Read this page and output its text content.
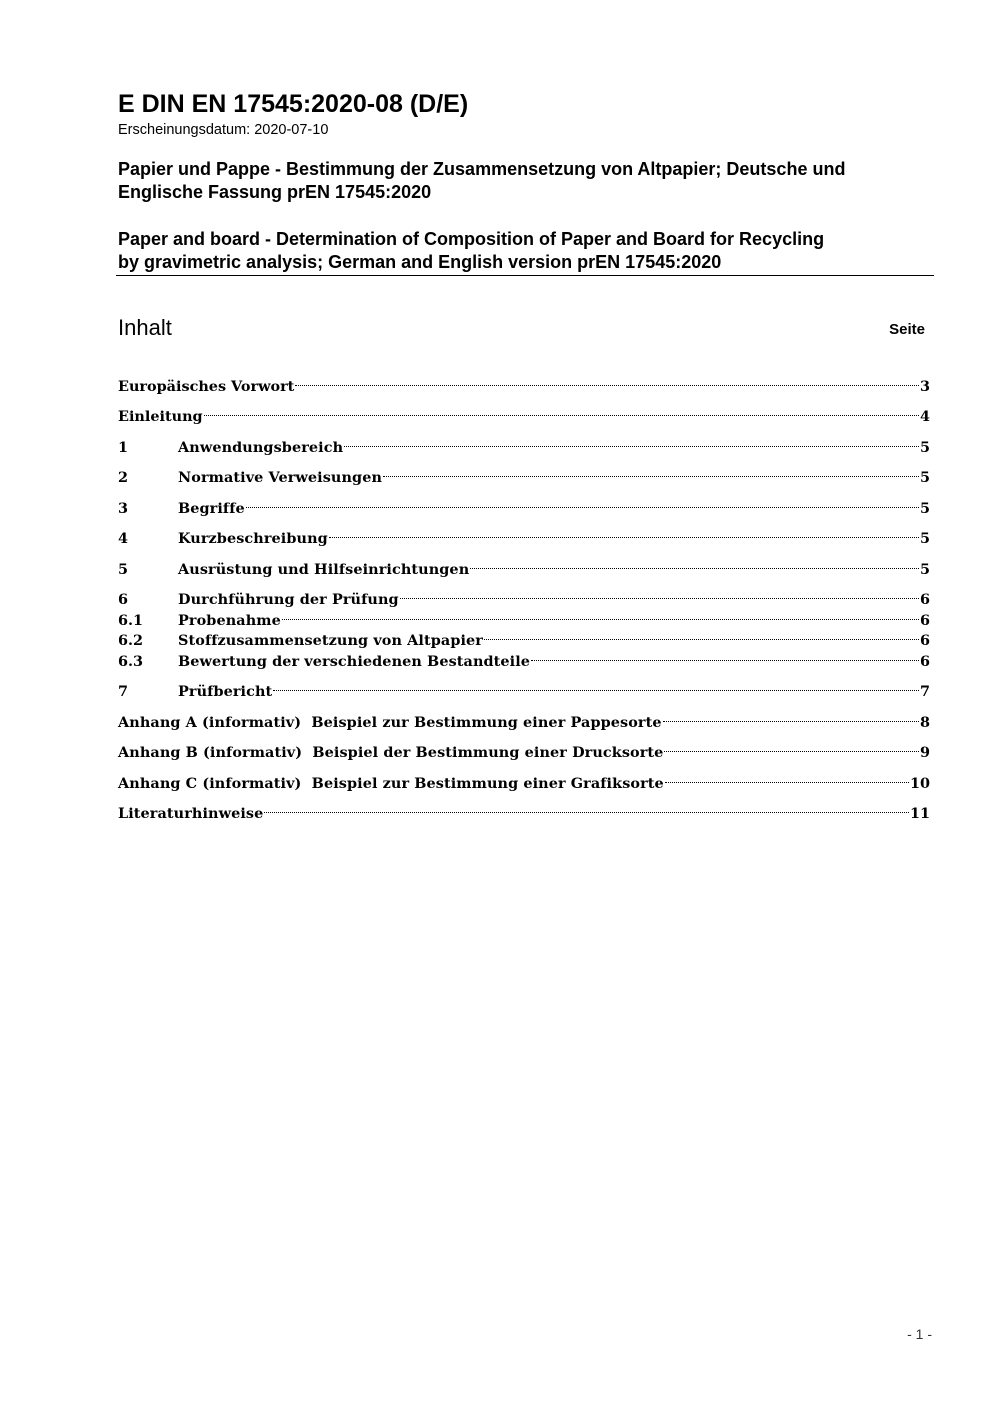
E DIN EN 17545:2020-08 (D/E)
Erscheinungsdatum: 2020-07-10
Papier und Pappe - Bestimmung der Zusammensetzung von Altpapier; Deutsche und
Englische Fassung prEN 17545:2020
Paper and board - Determination of Composition of Paper and Board for Recycling
by gravimetric analysis; German and English version prEN 17545:2020
Inhalt	Seite
Europäisches Vorwort	3
Einleitung	4
1	Anwendungsbereich	5
2	Normative Verweisungen	5
3	Begriffe	5
4	Kurzbeschreibung	5
5	Ausrüstung und Hilfseinrichtungen	5
6	Durchführung der Prüfung	6
6.1	Probenahme	6
6.2	Stoffzusammensetzung von Altpapier	6
6.3	Bewertung der verschiedenen Bestandteile	6
7	Prüfbericht	7
Anhang A (informativ)  Beispiel zur Bestimmung einer Pappesorte	8
Anhang B (informativ)  Beispiel der Bestimmung einer Drucksorte	9
Anhang C (informativ)  Beispiel zur Bestimmung einer Grafiksorte	10
Literaturhinweise	11
- 1 -
